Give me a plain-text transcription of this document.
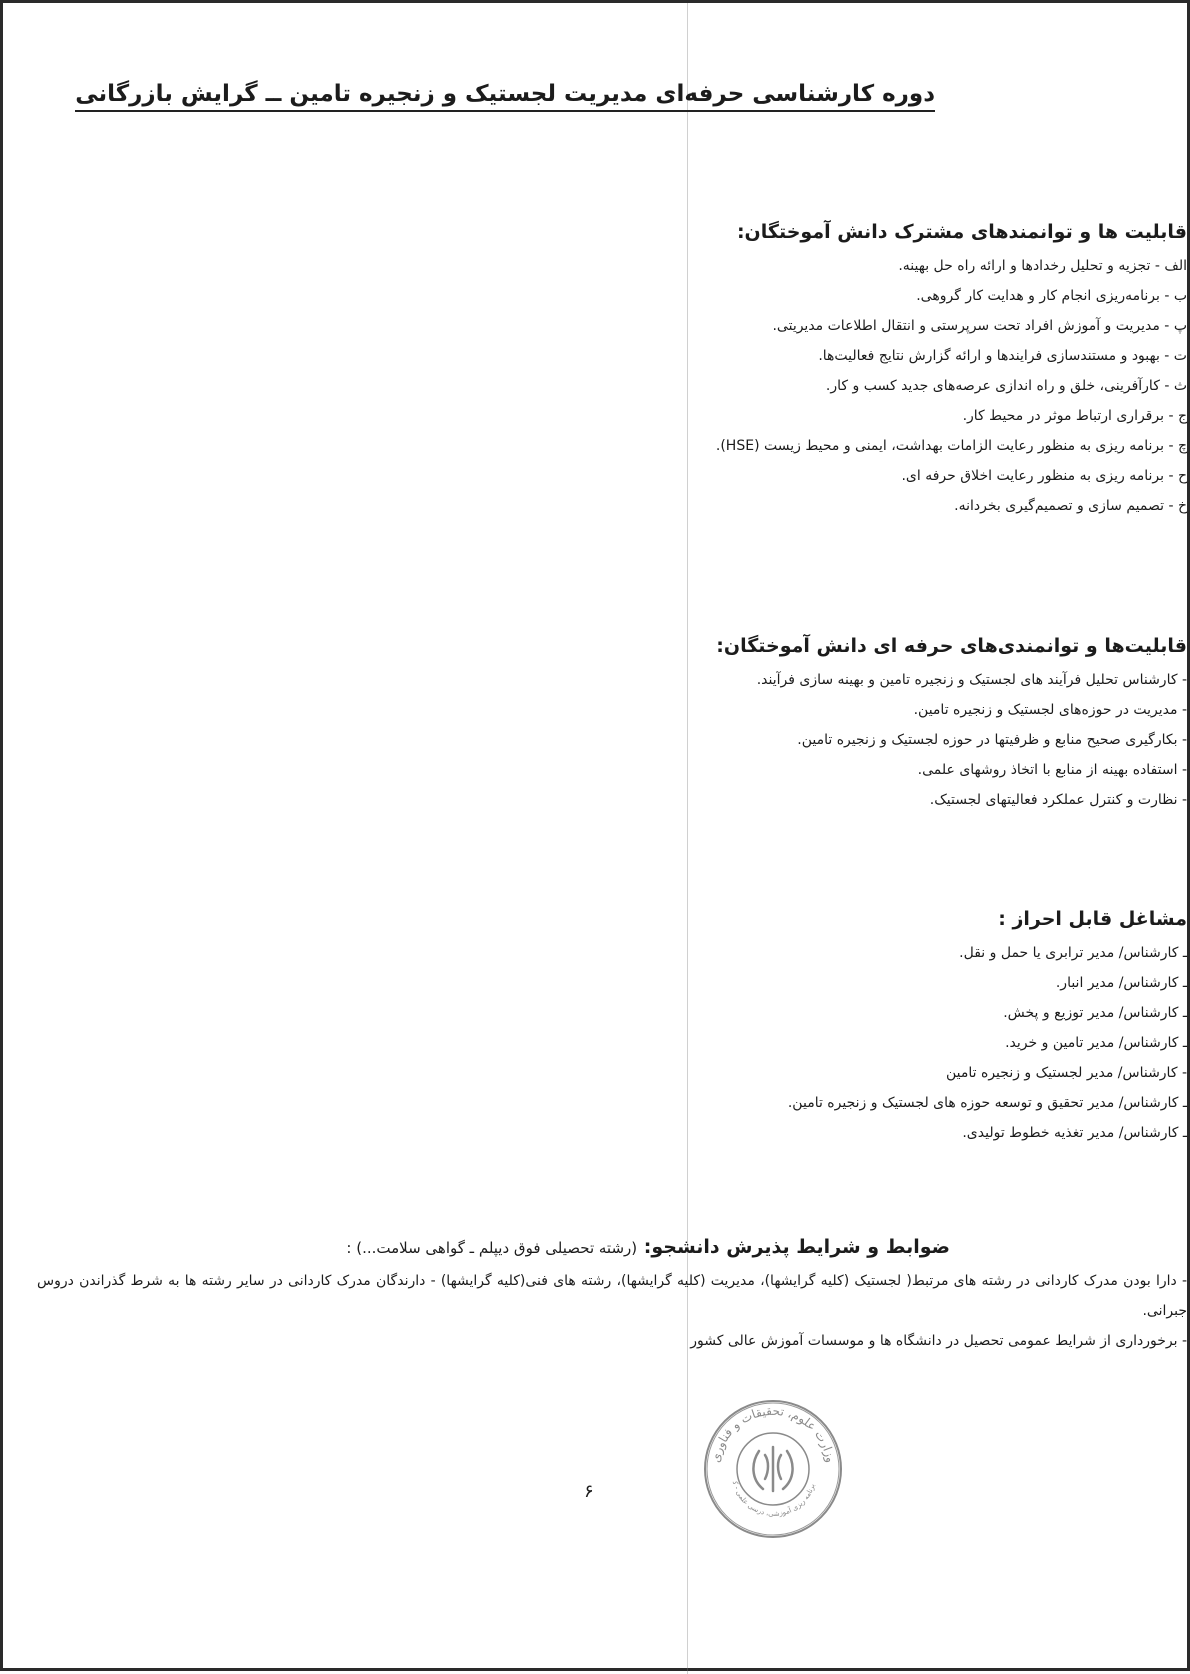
دوره کارشناسی حرفه‌ای مدیریت لجستیک و زنجیره تامین ــ گرایش بازرگانی
قابلیت ها و توانمندهای مشترک دانش آموختگان:
الف - تجزیه و تحلیل رخدادها و ارائه راه حل بهینه.
ب - برنامه‌ریزی انجام کار و هدایت کار گروهی.
پ - مدیریت و آموزش افراد تحت سرپرستی و انتقال اطلاعات مدیریتی.
ت - بهبود و مستندسازی فرایندها و ارائه گزارش نتایج فعالیت‌ها.
ث - کارآفرینی، خلق و راه اندازی عرصه‌های جدید کسب و کار.
ج - برقراری ارتباط موثر در محیط کار.
چ - برنامه ریزی به منظور رعایت الزامات بهداشت، ایمنی و محیط زیست (HSE).
ح - برنامه ریزی به منظور رعایت اخلاق حرفه ای.
خ - تصمیم سازی و تصمیم‌گیری بخردانه.
قابلیت‌ها و توانمندی‌های حرفه ای دانش آموختگان:
- کارشناس تحلیل فرآیند های لجستیک و زنجیره تامین و بهینه سازی فرآیند.
- مدیریت در حوزه‌های لجستیک و زنجیره تامین.
- بکارگیری صحیح منابع و ظرفیتها در حوزه لجستیک و زنجیره تامین.
- استفاده بهینه از منابع با اتخاذ روشهای علمی.
- نظارت و کنترل عملکرد فعالیتهای لجستیک.
مشاغل قابل احراز :
ـ کارشناس/ مدیر ترابری یا حمل و نقل.
ـ کارشناس/ مدیر انبار.
ـ کارشناس/ مدیر توزیع و پخش.
ـ کارشناس/ مدیر تامین و خرید.
- کارشناس/ مدیر لجستیک و زنجیره تامین
ـ کارشناس/ مدیر تحقیق و توسعه حوزه های لجستیک و زنجیره تامین.
ـ کارشناس/ مدیر تغذیه خطوط تولیدی.
ضوابط و شرایط پذیرش دانشجو: (رشته تحصیلی فوق دیپلم ـ گواهی سلامت...) :
- دارا بودن مدرک کاردانی در رشته های مرتبط( لجستیک (کلیه گرایشها)، مدیریت (کلیه گرایشها)، رشته های فنی(کلیه گرایشها) - دارندگان مدرک کاردانی در سایر رشته ها به شرط گذراندن دروس جبرانی.
- برخورداری از شرایط عمومی تحصیل در دانشگاه ها و موسسات آموزش عالی کشور
وزارت علوم، تحقیقات و فناوری
برنامه ریزی آموزشی، درسی علمی - ک
۶
